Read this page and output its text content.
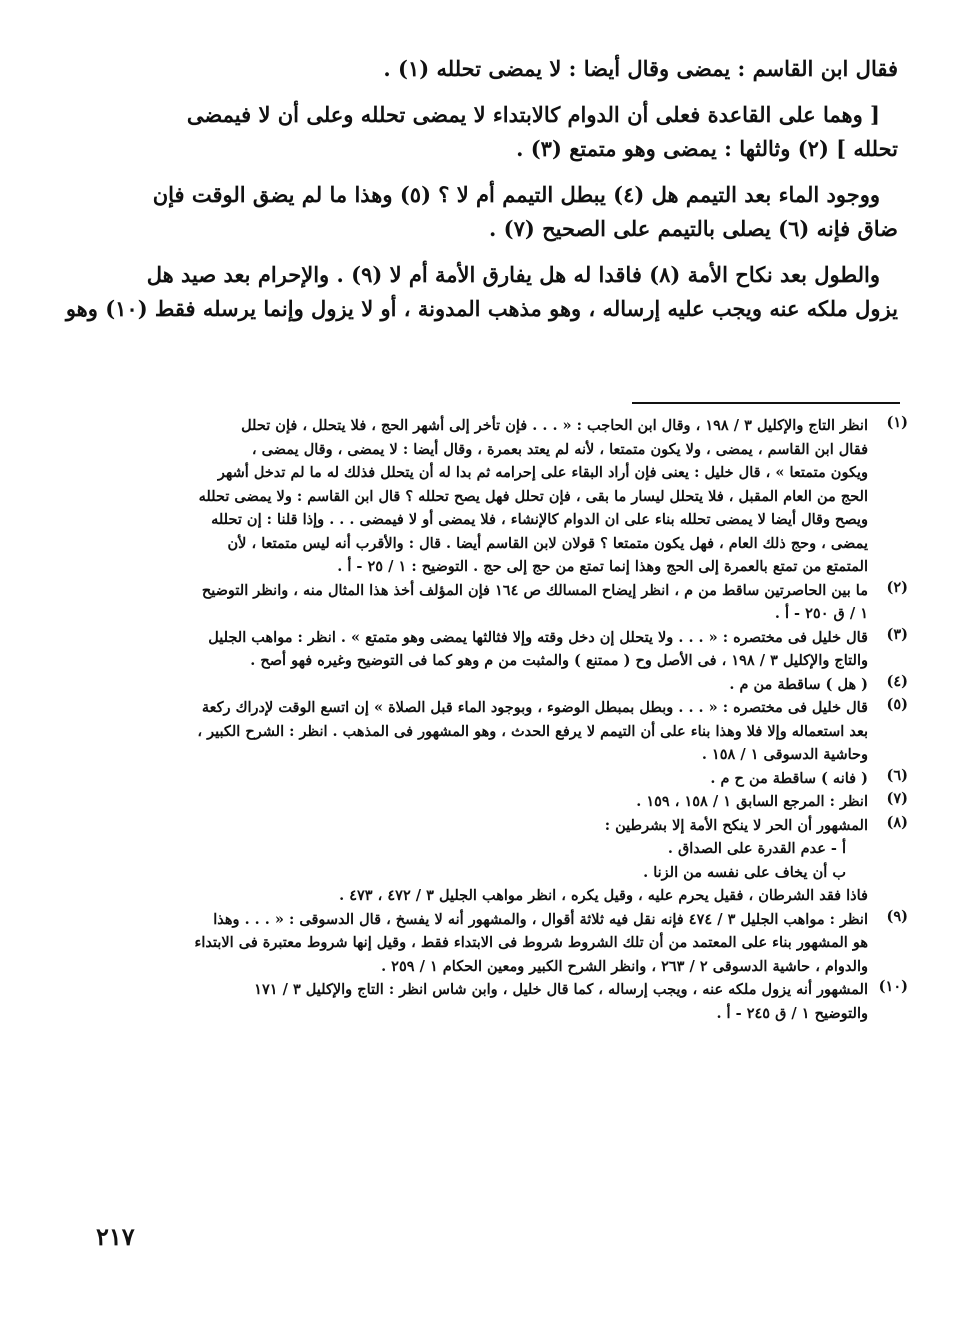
فقال ابن القاسم : يمضى وقال أيضا : لا يمضى تحلله (١) .
[ وهما على القاعدة فعلى أن الدوام كالابتداء لا يمضى تحلله وعلى أن لا فيمضى
تحلله ] (٢) وثالثها : يمضى وهو متمتع (٣) .
ووجود الماء بعد التيمم هل (٤) يبطل التيمم أم لا ؟ (٥) وهذا ما لم يضق الوقت فإن
ضاق فإنه (٦) يصلى بالتيمم على الصحيح (٧) .
والطول بعد نكاح الأمة (٨) فاقدا له هل يفارق الأمة أم لا (٩) . والإحرام بعد صيد هل
يزول ملكه عنه ويجب عليه إرساله ، وهو مذهب المدونة ، أو لا يزول وإنما يرسله فقط (١٠) وهو
(١)
انظر التاج والإكليل ٣ / ١٩٨ ، وقال ابن الحاجب : « . . . فإن تأخر إلى أشهر الحج ، فلا يتحلل ، فإن تحلل
فقال ابن القاسم ، يمضى ، ولا يكون متمتعا ، لأنه لم يعتد بعمرة ، وقال أيضا : لا يمضى ، وقال يمضى ،
ويكون متمتعا » ، قال خليل : يعنى فإن أراد البقاء على إحرامه ثم بدا له أن يتحلل فذلك له ما لم تدخل أشهر
الحج من العام المقبل ، فلا يتحلل ليسار ما بقى ، فإن تحلل فهل يصح تحلله ؟ قال ابن القاسم : ولا يمضى تحلله
ويصح وقال أيضا لا يمضى تحلله بناء على ان الدوام كالإنشاء ، فلا يمضى أو لا فيمضى . . . وإذا قلنا : إن تحلله
يمضى ، وحج ذلك العام ، فهل يكون متمتعا ؟ قولان لابن القاسم أيضا . قال : والأقرب أنه ليس متمتعا ، لأن
المتمتع من تمتع بالعمرة إلى الحج وهذا إنما تمتع من حج إلى حج . التوضيح : ١ / ٢٥ - أ .
(٢)
ما بين الحاصرتين ساقط من م ، انظر إيضاح المسالك ص ١٦٤ فإن المؤلف أخذ هذا المثال منه ، وانظر التوضيح
١ / ق ٢٥٠ - أ .
(٣)
قال خليل فى مختصره : « . . . ولا يتحلل إن دخل وقته وإلا فثالثها يمضى وهو متمتع » . انظر : مواهب الجليل
والتاج والإكليل ٣ / ١٩٨ ، فى الأصل وح ( ممتنع ) والمثبت من م وهو كما فى التوضيح وغيره فهو أصح .
(٤)
( هل ) ساقطة من م .
(٥)
قال خليل فى مختصره : « . . . وبطل بمبطل الوضوء ، وبوجود الماء قبل الصلاة » إن اتسع الوقت لإدراك ركعة
بعد استعماله وإلا فلا وهذا بناء على أن التيمم لا يرفع الحدث ، وهو المشهور فى المذهب . انظر : الشرح الكبير ،
وحاشية الدسوقى ١ / ١٥٨ .
(٦)
( فانه ) ساقطة من ح م .
(٧)
انظر : المرجع السابق ١ / ١٥٨ ، ١٥٩ .
(٨)
المشهور أن الحر لا ينكح الأمة إلا بشرطين :
أ - عدم القدرة على الصداق .
ب أن يخاف على نفسه من الزنا .
فاذا فقد الشرطان ، فقيل يحرم عليه ، وقيل يكره ، انظر مواهب الجليل ٣ / ٤٧٢ ، ٤٧٣ .
(٩)
انظر : مواهب الجليل ٣ / ٤٧٤ فإنه نقل فيه ثلاثة أقوال ، والمشهور أنه لا يفسخ ، قال الدسوقى : « . . . وهذا
هو المشهور بناء على المعتمد من أن تلك الشروط شروط فى الابتداء فقط ، وقيل إنها شروط معتبرة فى الابتداء
والدوام ، حاشية الدسوقى ٢ / ٢٦٣ ، وانظر الشرح الكبير ومعين الحكام ١ / ٢٥٩ .
(١٠)
المشهور أنه يزول ملكه عنه ، ويجب إرساله ، كما قال خليل ، وابن شاس انظر : التاج والإكليل ٣ / ١٧١
والتوضيح ١ / ق ٢٤٥ - أ .
٢١٧
